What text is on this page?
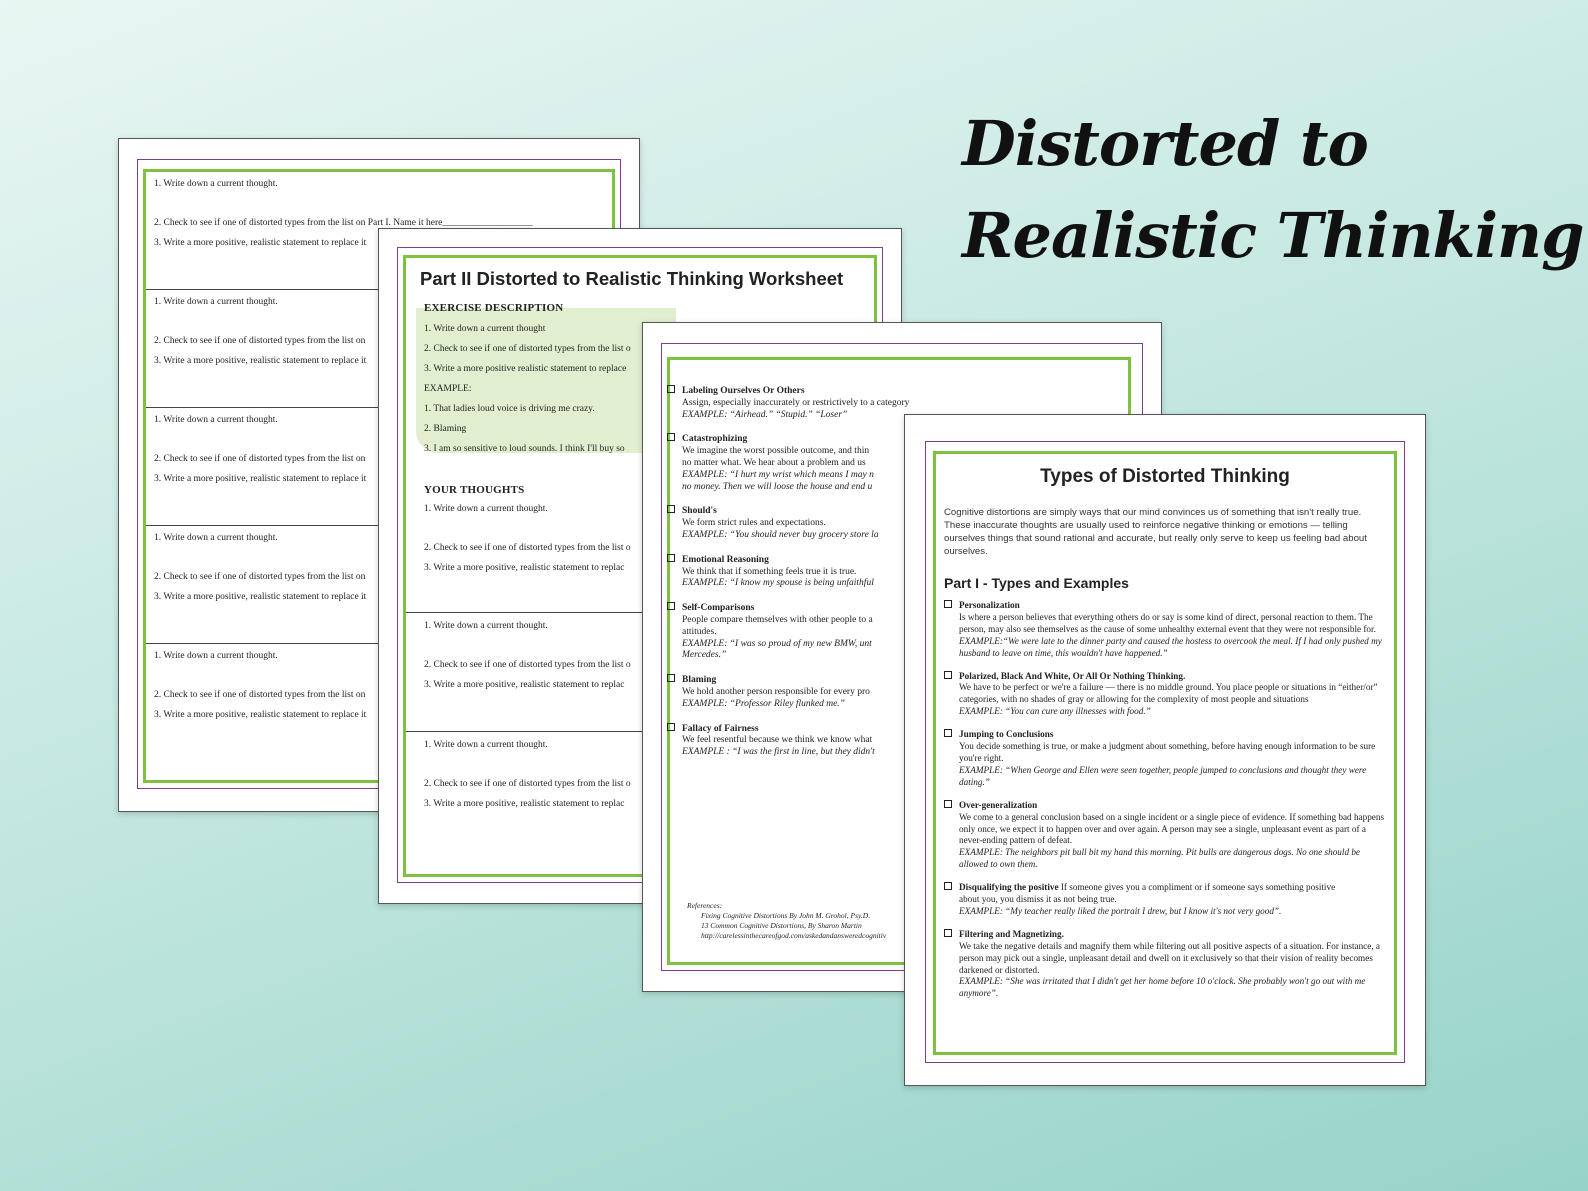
Distorted to
Realistic Thinking
1. Write down a current thought.
2. Check to see if one of distorted types from the list on Part I. Name it here___________________
3. Write a more positive, realistic statement to replace it
1. Write down a current thought.
2. Check to see if one of distorted types from the list on
3. Write a more positive, realistic statement to replace it
1. Write down a current thought.
2. Check to see if one of distorted types from the list on
3. Write a more positive, realistic statement to replace it
1. Write down a current thought.
2. Check to see if one of distorted types from the list on
3. Write a more positive, realistic statement to replace it
1. Write down a current thought.
2. Check to see if one of distorted types from the list on
3. Write a more positive, realistic statement to replace it
Part II Distorted to Realistic Thinking Worksheet
EXERCISE DESCRIPTION
1. Write down a current thought
2. Check to see if one of distorted types from the list o
3. Write a more positive realistic statement to replace
EXAMPLE:
1. That ladies loud voice is driving me crazy.
2. Blaming
3. I am so sensitive to loud sounds. I think I'll buy so
YOUR THOUGHTS
1. Write down a current thought.
2. Check to see if one of distorted types from the list o
3. Write a more positive, realistic statement to replac
1. Write down a current thought.
2. Check to see if one of distorted types from the list o
3. Write a more positive, realistic statement to replac
1. Write down a current thought.
2. Check to see if one of distorted types from the list o
3. Write a more positive, realistic statement to replac
Labeling Ourselves Or Others
Assign, especially inaccurately or restrictively to a category
EXAMPLE: “Airhead.” “Stupid.” “Loser”
Catastrophizing
We imagine the worst possible outcome, and thin
no matter what. We hear about a problem and us
EXAMPLE: “I hurt my wrist which means I may n
no money. Then we will loose the house and end u
Should's
We form strict rules and expectations.
EXAMPLE: “You should never buy grocery store la
Emotional Reasoning
We think that if something feels true it is true.
EXAMPLE: “I know my spouse is being unfaithful
Self-Comparisons
People compare themselves with other people to a
attitudes.
EXAMPLE: “I was so proud of my new BMW, unt
Mercedes.”
Blaming
We hold another person responsible for every pro
EXAMPLE: “Professor Riley flunked me.”
Fallacy of Fairness
We feel resentful because we think we know what
EXAMPLE : “I was the first in line, but they didn't
References:
Fixing Cognitive Distortions By John M. Grohol, Psy.D.
13 Common Cognitive Distortions, By Sharon Martin
http://carelessinthecareofgod.com/askedandansweredcognitiv
Types of Distorted Thinking
Cognitive distortions are simply ways that our mind convinces us of something that isn't really true. These inaccurate thoughts are usually used to reinforce negative thinking or emotions — telling ourselves things that sound rational and accurate, but really only serve to keep us feeling bad about ourselves.
Part I - Types and Examples
Personalization
Is where a person believes that everything others do or say is some kind of direct, personal reaction to them. The person, may also see themselves as the cause of some unhealthy external event that they were not responsible for.
EXAMPLE:“We were late to the dinner party and caused the hostess to overcook the meal. If I had only pushed my husband to leave on time, this wouldn't have happened.”
Polarized, Black And White, Or All Or Nothing Thinking.
We have to be perfect or we're a failure — there is no middle ground. You place people or situations in “either/or” categories, with no shades of gray or allowing for the complexity of most people and situations
EXAMPLE: “You can cure any illnesses with food.”
Jumping to Conclusions
You decide something is true, or make a judgment about something, before having enough information to be sure you're right.
EXAMPLE: “When George and Ellen were seen together, people jumped to conclusions and thought they were dating.”
Over-generalization
We come to a general conclusion based on a single incident or a single piece of evidence. If something bad happens only once, we expect it to happen over and over again. A person may see a single, unpleasant event as part of a never-ending pattern of defeat.
EXAMPLE: The neighbors pit bull bit my hand this morning. Pit bulls are dangerous dogs. No one should be allowed to own them.
Disqualifying the positive If someone gives you a compliment or if someone says something positive
about you, you dismiss it as not being true.
EXAMPLE: “My teacher really liked the portrait I drew, but I know it's not very good”.
Filtering and Magnetizing.
We take the negative details and magnify them while filtering out all positive aspects of a situation. For instance, a person may pick out a single, unpleasant detail and dwell on it exclusively so that their vision of reality becomes darkened or distorted.
EXAMPLE: “She was irritated that I didn't get her home before 10 o'clock. She probably won't go out with me anymore”.
